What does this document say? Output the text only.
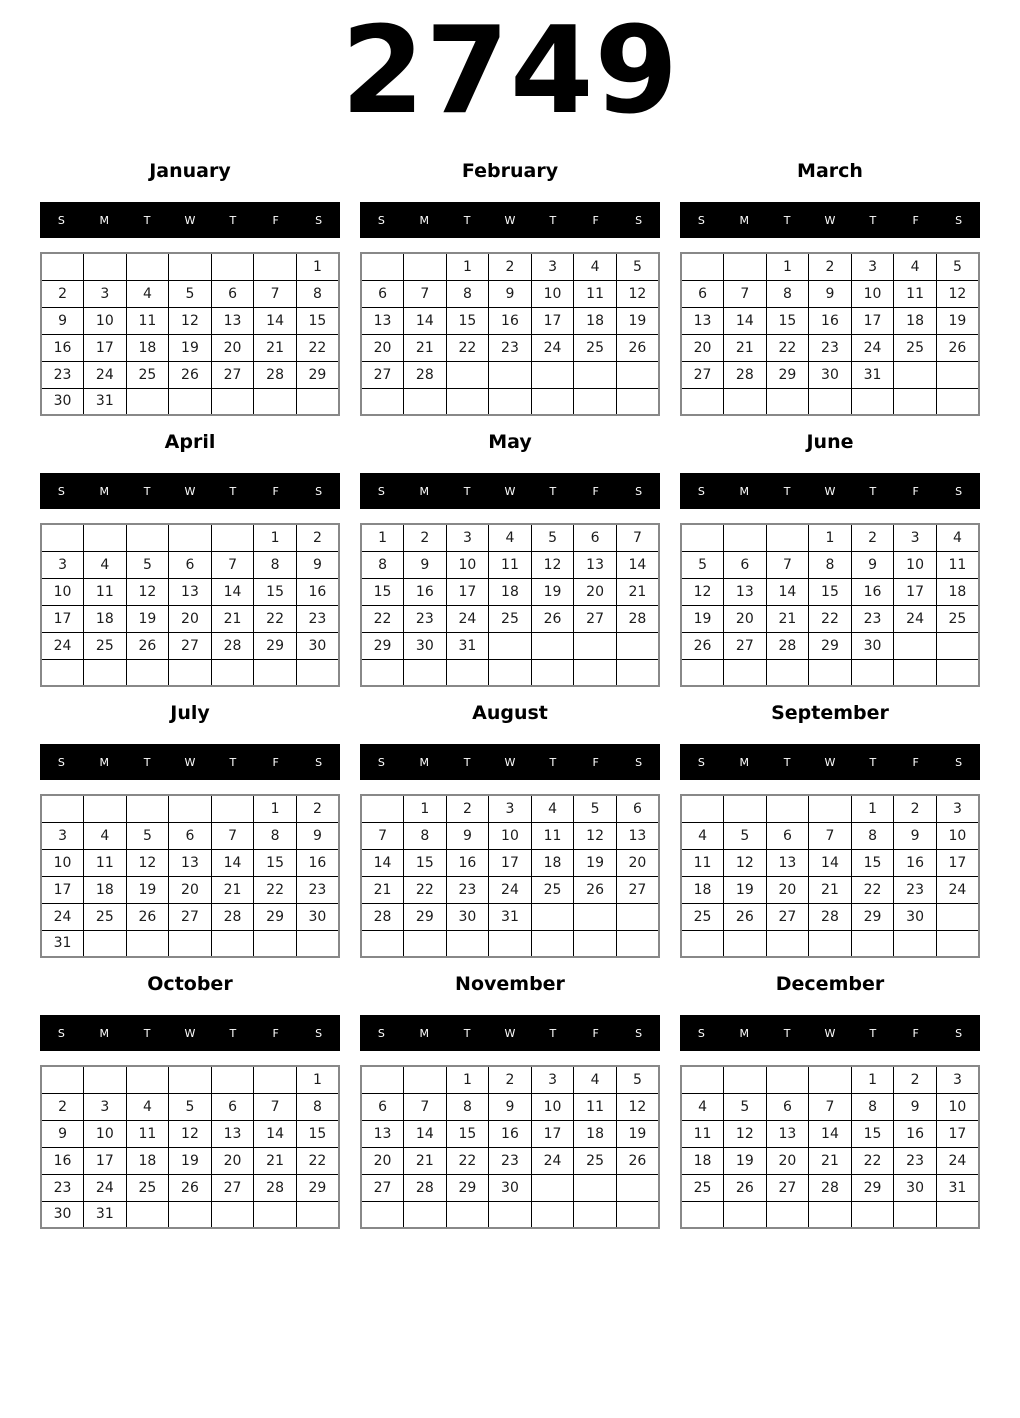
2749
January
S	M	T	W	T	F	S
						1
2	3	4	5	6	7	8
9	10	11	12	13	14	15
16	17	18	19	20	21	22
23	24	25	26	27	28	29
30	31					
February
S	M	T	W	T	F	S
		1	2	3	4	5
6	7	8	9	10	11	12
13	14	15	16	17	18	19
20	21	22	23	24	25	26
27	28					

March
S	M	T	W	T	F	S
		1	2	3	4	5
6	7	8	9	10	11	12
13	14	15	16	17	18	19
20	21	22	23	24	25	26
27	28	29	30	31		

April
S	M	T	W	T	F	S
					1	2
3	4	5	6	7	8	9
10	11	12	13	14	15	16
17	18	19	20	21	22	23
24	25	26	27	28	29	30

May
S	M	T	W	T	F	S
1	2	3	4	5	6	7
8	9	10	11	12	13	14
15	16	17	18	19	20	21
22	23	24	25	26	27	28
29	30	31				

June
S	M	T	W	T	F	S
			1	2	3	4
5	6	7	8	9	10	11
12	13	14	15	16	17	18
19	20	21	22	23	24	25
26	27	28	29	30		

July
S	M	T	W	T	F	S
					1	2
3	4	5	6	7	8	9
10	11	12	13	14	15	16
17	18	19	20	21	22	23
24	25	26	27	28	29	30
31						
August
S	M	T	W	T	F	S
	1	2	3	4	5	6
7	8	9	10	11	12	13
14	15	16	17	18	19	20
21	22	23	24	25	26	27
28	29	30	31			

September
S	M	T	W	T	F	S
				1	2	3
4	5	6	7	8	9	10
11	12	13	14	15	16	17
18	19	20	21	22	23	24
25	26	27	28	29	30	

October
S	M	T	W	T	F	S
						1
2	3	4	5	6	7	8
9	10	11	12	13	14	15
16	17	18	19	20	21	22
23	24	25	26	27	28	29
30	31					
November
S	M	T	W	T	F	S
		1	2	3	4	5
6	7	8	9	10	11	12
13	14	15	16	17	18	19
20	21	22	23	24	25	26
27	28	29	30			

December
S	M	T	W	T	F	S
				1	2	3
4	5	6	7	8	9	10
11	12	13	14	15	16	17
18	19	20	21	22	23	24
25	26	27	28	29	30	31
